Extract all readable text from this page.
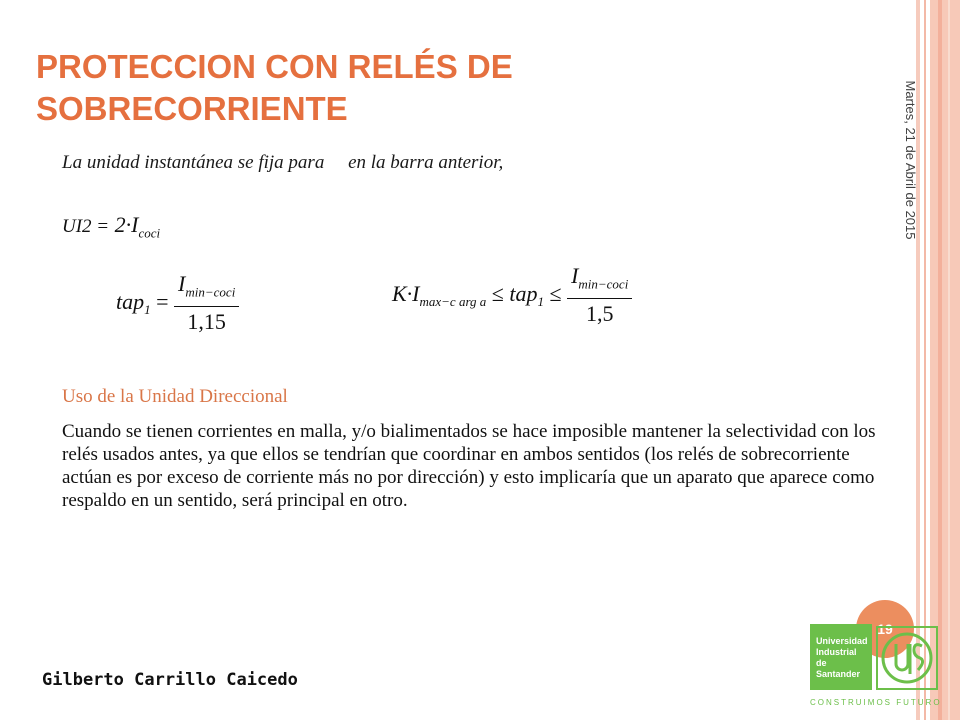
PROTECCION CON RELÉS DE
SOBRECORRIENTE	Martes, 21 de Abril de 2015
La unidad instantánea se fija para     en la barra anterior,
$UI2 = 2\cdot I_{coci}$
$tap_1 = \frac{I_{min-coci}}{1,15}$	$K\cdot I_{max-c arg a} \le tap_1 \le \frac{I_{min-coci}}{1,5}$
Uso de la Unidad Direccional
Cuando se tienen corrientes en malla, y/o bialimentados se hace imposible mantener la selectividad con los relés usados antes, ya que ellos se tendrían que coordinar en ambos sentidos (los relés de sobrecorriente actúan es por exceso de corriente más no por dirección) y esto implicaría que un aparato que aparece como respaldo en un sentido, será principal en otro.
Gilberto Carrillo Caicedo
19
Universidad
Industrial de
Santander
CONSTRUIMOS FUTURO
